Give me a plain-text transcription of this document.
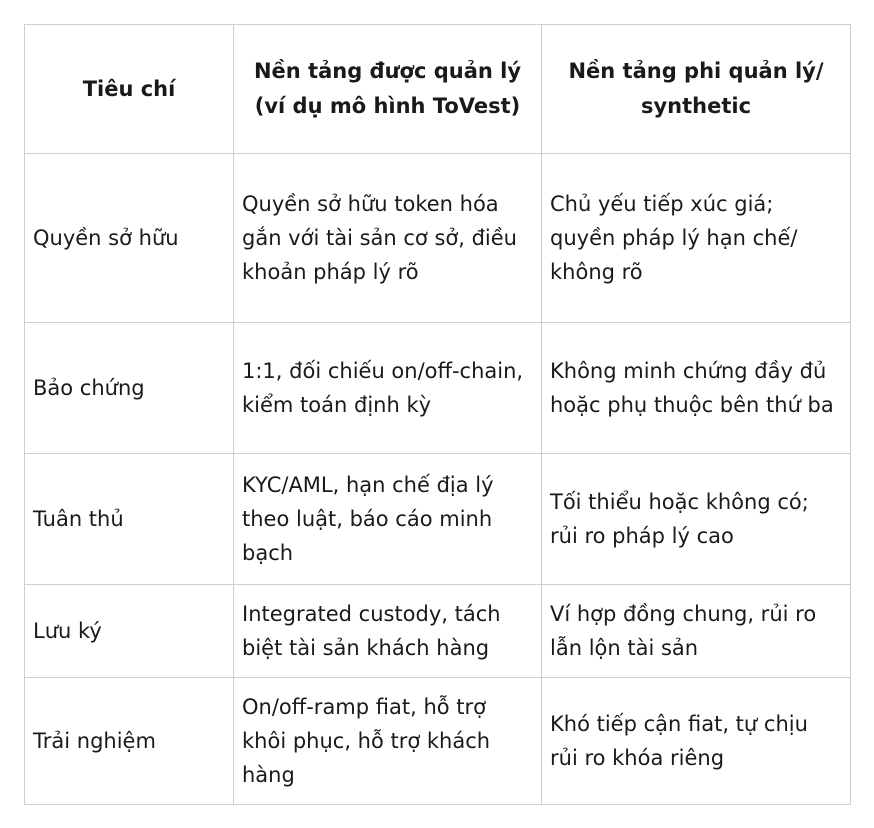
Tiêu chí	Nền tảng được quản lý (ví dụ mô hình ToVest)	Nền tảng phi quản lý/ synthetic
Quyền sở hữu	Quyền sở hữu token hóa gắn với tài sản cơ sở, điều khoản pháp lý rõ	Chủ yếu tiếp xúc giá; quyền pháp lý hạn chế/ không rõ
Bảo chứng	1:1, đối chiếu on/off-chain, kiểm toán định kỳ	Không minh chứng đầy đủ hoặc phụ thuộc bên thứ ba
Tuân thủ	KYC/AML, hạn chế địa lý theo luật, báo cáo minh bạch	Tối thiểu hoặc không có; rủi ro pháp lý cao
Lưu ký	Integrated custody, tách biệt tài sản khách hàng	Ví hợp đồng chung, rủi ro lẫn lộn tài sản
Trải nghiệm	On/off-ramp fiat, hỗ trợ khôi phục, hỗ trợ khách hàng	Khó tiếp cận fiat, tự chịu rủi ro khóa riêng
